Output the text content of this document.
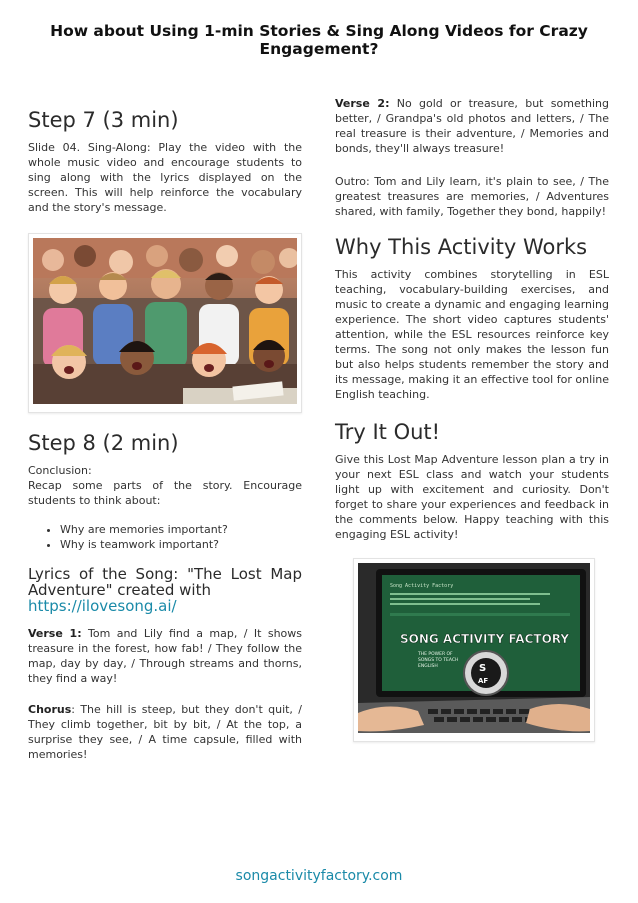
How about Using 1-min Stories & Sing Along Videos for Crazy Engagement?
Step 7 (3 min)

Slide 04. Sing-Along: Play the video with the whole music video and encourage students to sing along with the lyrics displayed on the screen. This will help reinforce the vocabulary and the story's message.

Step 8 (2 min)

Conclusion:

Recap some parts of the story. Encourage students to think about:

• Why are memories important?
• Why is teamwork important?

Lyrics of the Song: "The Lost Map Adventure" created with
https://ilovesong.ai/

Verse 1: Tom and Lily find a map, / It shows treasure in the forest, how fab! / They follow the map, day by day, / Through streams and thorns, they find a way!

Chorus: The hill is steep, but they don't quit, / They climb together, bit by bit, / At the top, a surprise they see, / A time capsule, filled with memories!

Verse 2: No gold or treasure, but something better, / Grandpa's old photos and letters, / The real treasure is their adventure, / Memories and bonds, they'll always treasure!

Outro: Tom and Lily learn, it's plain to see, / The greatest treasures are memories, / Adventures shared, with family, Together they bond, happily!

Why This Activity Works

This activity combines storytelling in ESL teaching, vocabulary-building exercises, and music to create a dynamic and engaging learning experience. The short video captures students' attention, while the ESL resources reinforce key terms. The song not only makes the lesson fun but also helps students remember the story and its message, making it an effective tool for online English teaching.

Try It Out!

Give this Lost Map Adventure lesson plan a try in your next ESL class and watch your students light up with excitement and curiosity. Don't forget to share your experiences and feedback in the comments below. Happy teaching with this engaging ESL activity!

Song Activity Factory
SONG ACTIVITY FACTORY
THE POWER OF
SONGS TO TEACH
ENGLISH	S
AF
songactivityfactory.com
